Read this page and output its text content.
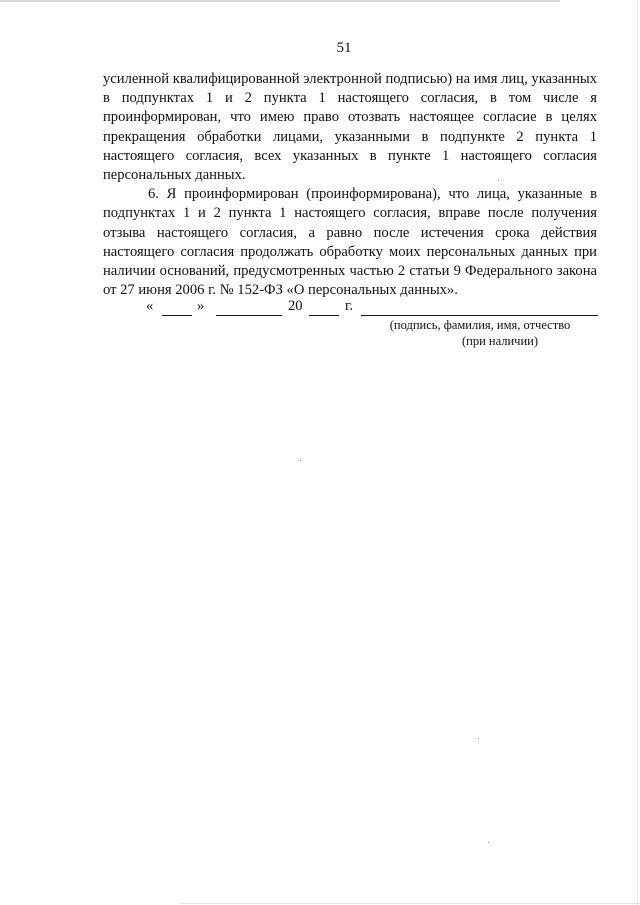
51

усиленной квалифицированной электронной подписью) на имя лиц, указанных в подпунктах 1 и 2 пункта 1 настоящего согласия, в том числе я проинформирован, что имею право отозвать настоящее согласие в целях прекращения обработки лицами, указанными в подпункте 2 пункта 1 настоящего согласия, всех указанных в пункте 1 настоящего согласия персональных данных.

6. Я проинформирован (проинформирована), что лица, указанные в подпунктах 1 и 2 пункта 1 настоящего согласия, вправе после получения отзыва настоящего согласия, а равно после истечения срока действия настоящего согласия продолжать обработку моих персональных данных при наличии оснований, предусмотренных частью 2 статьи 9 Федерального закона от 27 июня 2006 г. № 152-ФЗ «О персональных данных».

«	»	20	г.
(подпись, фамилия, имя, отчество
(при наличии)
